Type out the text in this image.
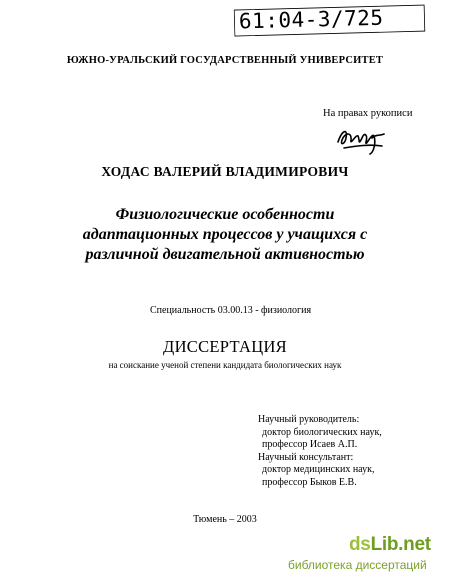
61:04-3/725
ЮЖНО-УРАЛЬСКИЙ ГОСУДАРСТВЕННЫЙ УНИВЕРСИТЕТ
На правах рукописи
ХОДАС ВАЛЕРИЙ ВЛАДИМИРОВИЧ
Физиологические особенности
адаптационных процессов у учащихся с
различной двигательной активностью
Специальность 03.00.13 - физиология
ДИССЕРТАЦИЯ
на соискание ученой степени кандидата биологических наук
Научный руководитель:
доктор биологических наук,
профессор Исаев А.П.
Научный консультант:
доктор медицинских наук,
профессор Быков Е.В.
Тюмень – 2003
dsLib.net
библиотека диссертаций
